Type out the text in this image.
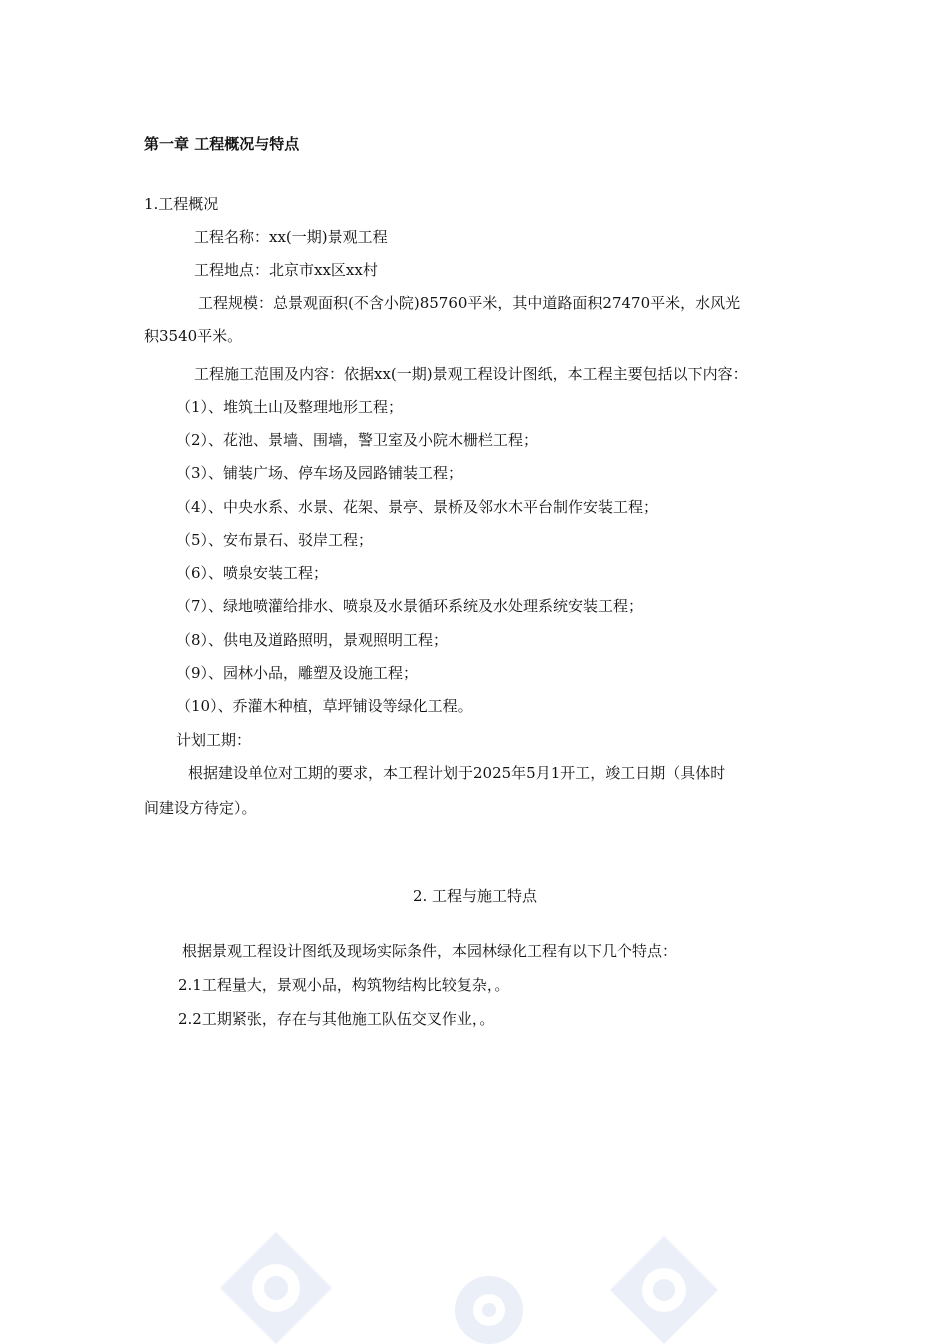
第一章 工程概况与特点
1.工程概况
工程名称：xx(一期)景观工程
工程地点：北京市xx区xx村
工程规模：总景观面积(不含小院)85760平米，其中道路面积27470平米，水风光
积3540平米。
工程施工范围及内容：依据xx(一期)景观工程设计图纸，本工程主要包括以下内容：
（1）、堆筑土山及整理地形工程；
（2）、花池、景墙、围墙，警卫室及小院木栅栏工程；
（3）、铺装广场、停车场及园路铺装工程；
（4）、中央水系、水景、花架、景亭、景桥及邻水木平台制作安装工程；
（5）、安布景石、驳岸工程；
（6）、喷泉安装工程；
（7）、绿地喷灌给排水、喷泉及水景循环系统及水处理系统安装工程；
（8）、供电及道路照明，景观照明工程；
（9）、园林小品，雕塑及设施工程；
（10）、乔灌木种植，草坪铺设等绿化工程。
计划工期：
根据建设单位对工期的要求，本工程计划于2025年5月1开工，竣工日期（具体时
间建设方待定）。
2. 工程与施工特点
根据景观工程设计图纸及现场实际条件，本园林绿化工程有以下几个特点：
2.1工程量大，景观小品，构筑物结构比较复杂，。
2.2工期紧张，存在与其他施工队伍交叉作业，。
